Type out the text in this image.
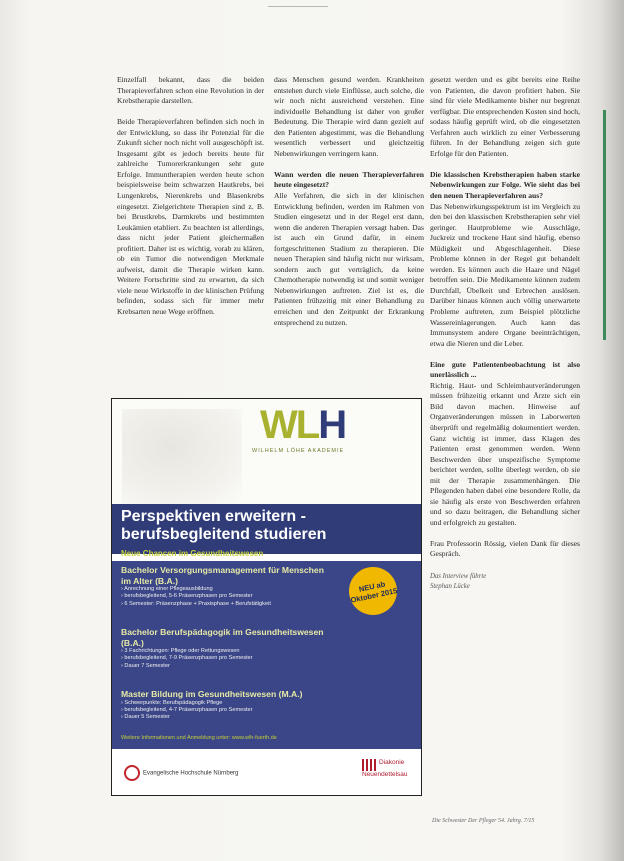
Einzelfall bekannt, dass die beiden Therapieverfahren schon eine Revolution in der Krebstherapie darstellen.

Beide Therapieverfahren befinden sich noch in der Entwicklung, so dass ihr Potenzial für die Zukunft sicher noch nicht voll ausgeschöpft ist. Insgesamt gibt es jedoch bereits heute für zahlreiche Tumorerkrankungen sehr gute Erfolge. Immuntherapien werden heute schon beispielsweise beim schwarzen Hautkrebs, bei Lungenkrebs, Nierenkrebs und Blasenkrebs eingesetzt. Zielgerichtete Therapien sind z. B. bei Brustkrebs, Darmkrebs und bestimmten Leukämien etabliert. Zu beachten ist allerdings, dass nicht jeder Patient gleichermaßen profitiert. Daher ist es wichtig, vorab zu klären, ob ein Tumor die notwendigen Merkmale aufweist, damit die Therapie wirken kann. Weitere Fortschritte sind zu erwarten, da sich viele neue Wirkstoffe in der klinischen Prüfung befinden, sodass sich für immer mehr Krebsarten neue Wege eröffnen.

dass Menschen gesund werden. Krankheiten entstehen durch viele Einflüsse, auch solche, die wir noch nicht ausreichend verstehen. Eine individuelle Behandlung ist daher von großer Bedeutung. Die Therapie wird dann gezielt auf den Patienten abgestimmt, was die Behandlung wesentlich verbessert und gleichzeitig Nebenwirkungen verringern kann.

Wann werden die neuen Therapieverfahren heute eingesetzt?

Alle Verfahren, die sich in der klinischen Entwicklung befinden, werden im Rahmen von Studien eingesetzt und in der Regel erst dann, wenn die anderen Therapien versagt haben. Das ist auch ein Grund dafür, in einem fortgeschrittenen Stadium zu therapieren. Die neuen Therapien sind häufig nicht nur wirksam, sondern auch gut verträglich, da keine Chemotherapie notwendig ist und somit weniger Nebenwirkungen auftreten. Ziel ist es, die Patienten frühzeitig mit einer Behandlung zu erreichen und den Zeitpunkt der Erkrankung entsprechend zu nutzen.

gesetzt werden und es gibt bereits eine Reihe von Patienten, die davon profitiert haben. Sie sind für viele Medikamente bisher nur begrenzt verfügbar. Die entsprechenden Kosten sind hoch, sodass häufig geprüft wird, ob die eingesetzten Verfahren auch wirklich zu einer Verbesserung führen. In der Behandlung zeigen sich gute Erfolge für den Patienten.

Die klassischen Krebstherapien haben starke Nebenwirkungen zur Folge. Wie sieht das bei den neuen Therapieverfahren aus?

Das Nebenwirkungsspektrum ist im Vergleich zu den bei den klassischen Krebstherapien sehr viel geringer. Hautprobleme wie Ausschläge, Juckreiz und trockene Haut sind häufig, ebenso Müdigkeit und Abgeschlagenheit. Diese Probleme können in der Regel gut behandelt werden. Es können auch die Haare und Nägel betroffen sein. Die Medikamente können zudem Durchfall, Übelkeit und Erbrechen auslösen. Darüber hinaus können auch völlig unerwartete Probleme auftreten, zum Beispiel plötzliche Wassereinlagerungen. Auch kann das Immunsystem andere Organe beeinträchtigen, etwa die Nieren und die Leber.

Eine gute Patientenbeobachtung ist also unerlässlich ...

Richtig. Haut- und Schleimhautveränderungen müssen frühzeitig erkannt und Ärzte sich ein Bild davon machen. Hinweise auf Organveränderungen müssen in Laborwerten überprüft und regelmäßig dokumentiert werden. Ganz wichtig ist immer, dass Klagen des Patienten ernst genommen werden. Wenn Beschwerden über unspezifische Symptome berichtet werden, sollte überlegt werden, ob sie mit der Therapie zusammenhängen. Die Pflegenden haben dabei eine besondere Rolle, da sie häufig als erste von Beschwerden erfahren und so dazu beitragen, die Behandlung sicher und erfolgreich zu gestalten.

Frau Professorin Rössig, vielen Dank für dieses Gespräch.

Das Interview führte
Stephan Lücke
Die Schwester Der Pfleger 54. Jahrg. 7/15
WLH
WILHELM LÖHE AKADEMIE
Perspektiven erweitern - berufsbegleitend studieren
Neue Chancen im Gesundheitswesen
Bachelor Versorgungsmanagement für Menschen im Alter (B.A.)
› Anrechnung einer Pflegeausbildung
› berufsbegleitend, 5-6 Präsenzphasen pro Semester
› 6 Semester: Präsenzphase + Praxisphase + Berufstätigkeit
Bachelor Berufspädagogik im Gesundheitswesen (B.A.)
› 3 Fachrichtungen: Pflege oder Rettungswesen
› berufsbegleitend, 7-9 Präsenzphasen pro Semester
› Dauer 7 Semester
Master Bildung im Gesundheitswesen (M.A.)
› Schwerpunkte: Berufspädagogik Pflege
› berufsbegleitend, 4-7 Präsenzphasen pro Semester
› Dauer 5 Semester
NEU ab Oktober 2015
Weitere Informationen und Anmeldung unter: www.wlh-fuerth.de
Evangelische Hochschule Nürnberg
Diakonie Neuendettelsau
